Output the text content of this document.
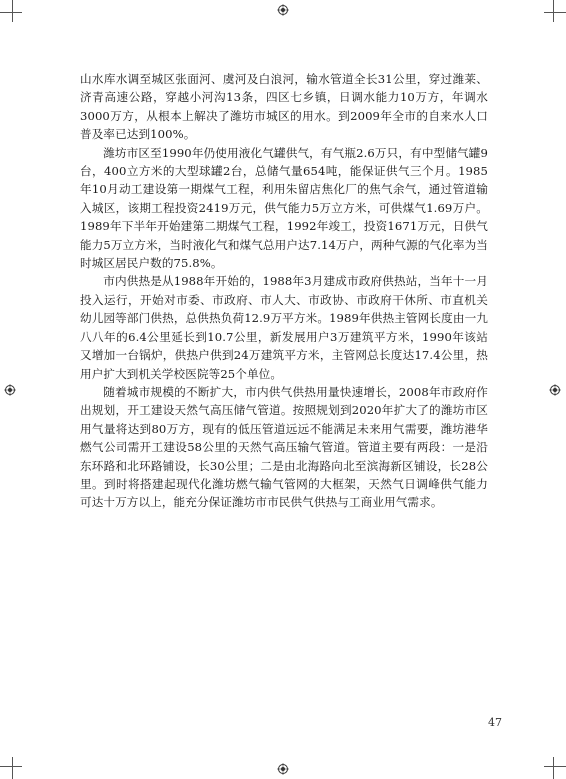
山水库水调至城区张面河、虞河及白浪河，输水管道全长31公里，穿过潍莱、济青高速公路，穿越小河沟13条，四区七乡镇，日调水能力10万方，年调水3000万方，从根本上解决了潍坊市城区的用水。到2009年全市的自来水人口普及率已达到100%。

潍坊市区至1990年仍使用液化气罐供气，有气瓶2.6万只，有中型储气罐9台，400立方米的大型球罐2台，总储气量654吨，能保证供气三个月。1985年10月动工建设第一期煤气工程，利用朱留店焦化厂的焦气余气，通过管道输入城区，该期工程投资2419万元，供气能力5万立方米，可供煤气1.69万户。1989年下半年开始建第二期煤气工程，1992年竣工，投资1671万元，日供气能力5万立方米，当时液化气和煤气总用户达7.14万户，两种气源的气化率为当时城区居民户数的75.8%。

市内供热是从1988年开始的，1988年3月建成市政府供热站，当年十一月投入运行，开始对市委、市政府、市人大、市政协、市政府干休所、市直机关幼儿园等部门供热，总供热负荷12.9万平方米。1989年供热主管网长度由一九八八年的6.4公里延长到10.7公里，新发展用户3万建筑平方米，1990年该站又增加一台锅炉，供热户供到24万建筑平方米，主管网总长度达17.4公里，热用户扩大到机关学校医院等25个单位。

随着城市规模的不断扩大，市内供气供热用量快速增长，2008年市政府作出规划，开工建设天然气高压储气管道。按照规划到2020年扩大了的潍坊市区用气量将达到80万方，现有的低压管道远远不能满足未来用气需要，潍坊港华燃气公司需开工建设58公里的天然气高压输气管道。管道主要有两段：一是沿东环路和北环路铺设，长30公里；二是由北海路向北至滨海新区铺设，长28公里。到时将搭建起现代化潍坊燃气输气管网的大框架，天然气日调峰供气能力可达十万方以上，能充分保证潍坊市市民供气供热与工商业用气需求。

47
